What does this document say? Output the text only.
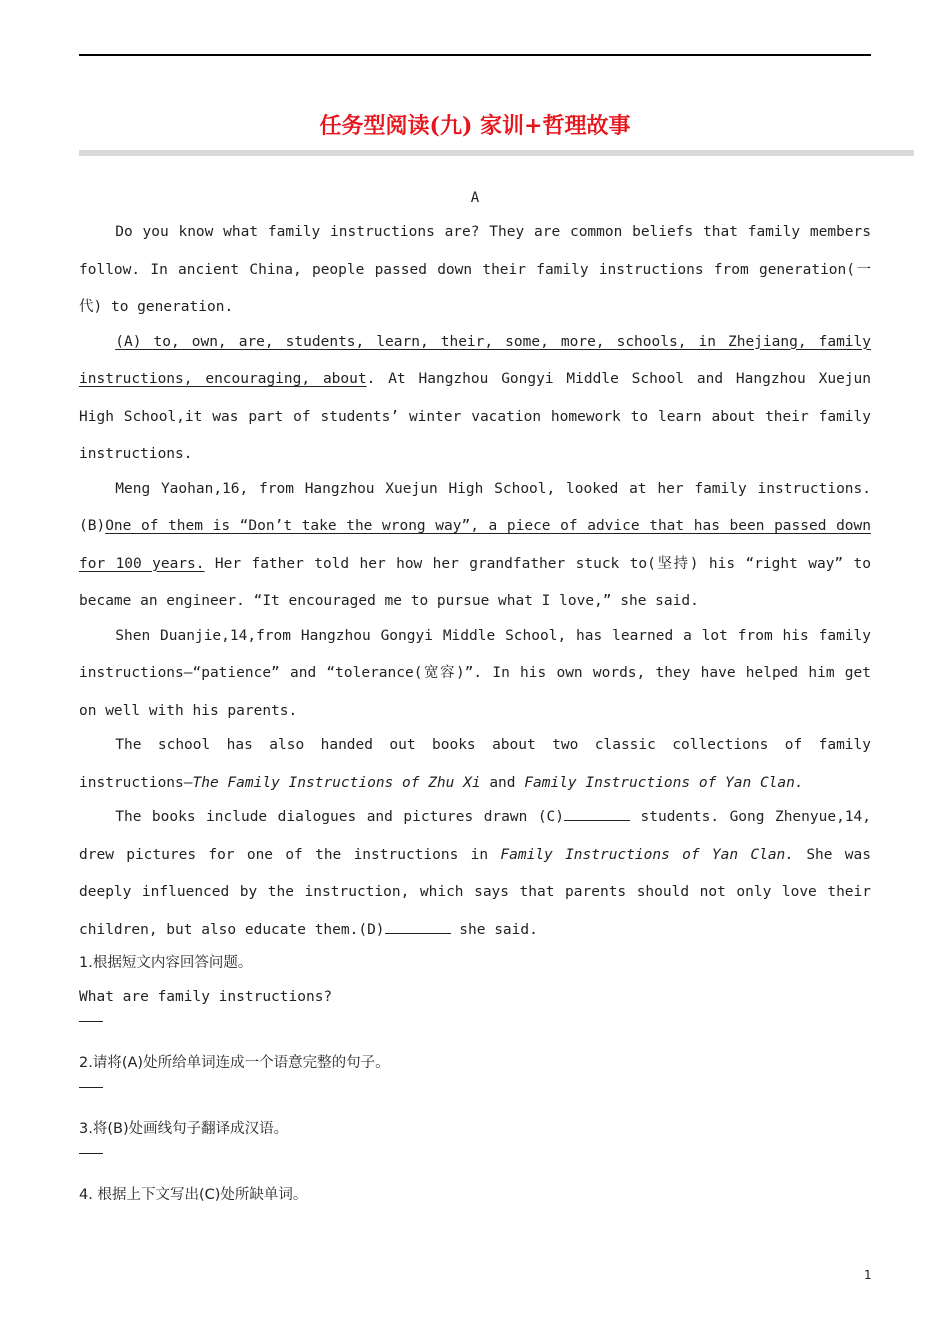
任务型阅读(九) 家训+哲理故事
A

Do you know what family instructions are? They are common beliefs that family members follow. In ancient China, people passed down their family instructions from generation(一代) to generation.

(A) to, own, are, students, learn, their, some, more, schools, in Zhejiang, family instructions, encouraging, about. At Hangzhou Gongyi Middle School and Hangzhou Xuejun High School,it was part of students’ winter vacation homework to learn about their family instructions.

Meng Yaohan,16, from Hangzhou Xuejun High School, looked at her family instructions.(B)One of them is “Don’t take the wrong way”, a piece of advice that has been passed down for 100 years. Her father told her how her grandfather stuck to(坚持) his “right way” to became an engineer. “It encouraged me to pursue what I love,” she said.

Shen Duanjie,14,from Hangzhou Gongyi Middle School, has learned a lot from his family instructions—“patience” and “tolerance(宽容)”. In his own words, they have helped him get on well with his parents.

The school has also handed out books about two classic collections of family instructions—The Family Instructions of Zhu Xi and Family Instructions of Yan Clan.

The books include dialogues and pictures drawn (C)	students. Gong Zhenyue,14, drew pictures for one of the instructions in Family Instructions of Yan Clan. She was deeply influenced by the instruction, which says that parents should not only love their children, but also educate them.(D)	she said.

1.根据短文内容回答问题。
What are family instructions?
2.请将(A)处所给单词连成一个语意完整的句子。
3.将(B)处画线句子翻译成汉语。
4. 根据上下文写出(C)处所缺单词。
1
